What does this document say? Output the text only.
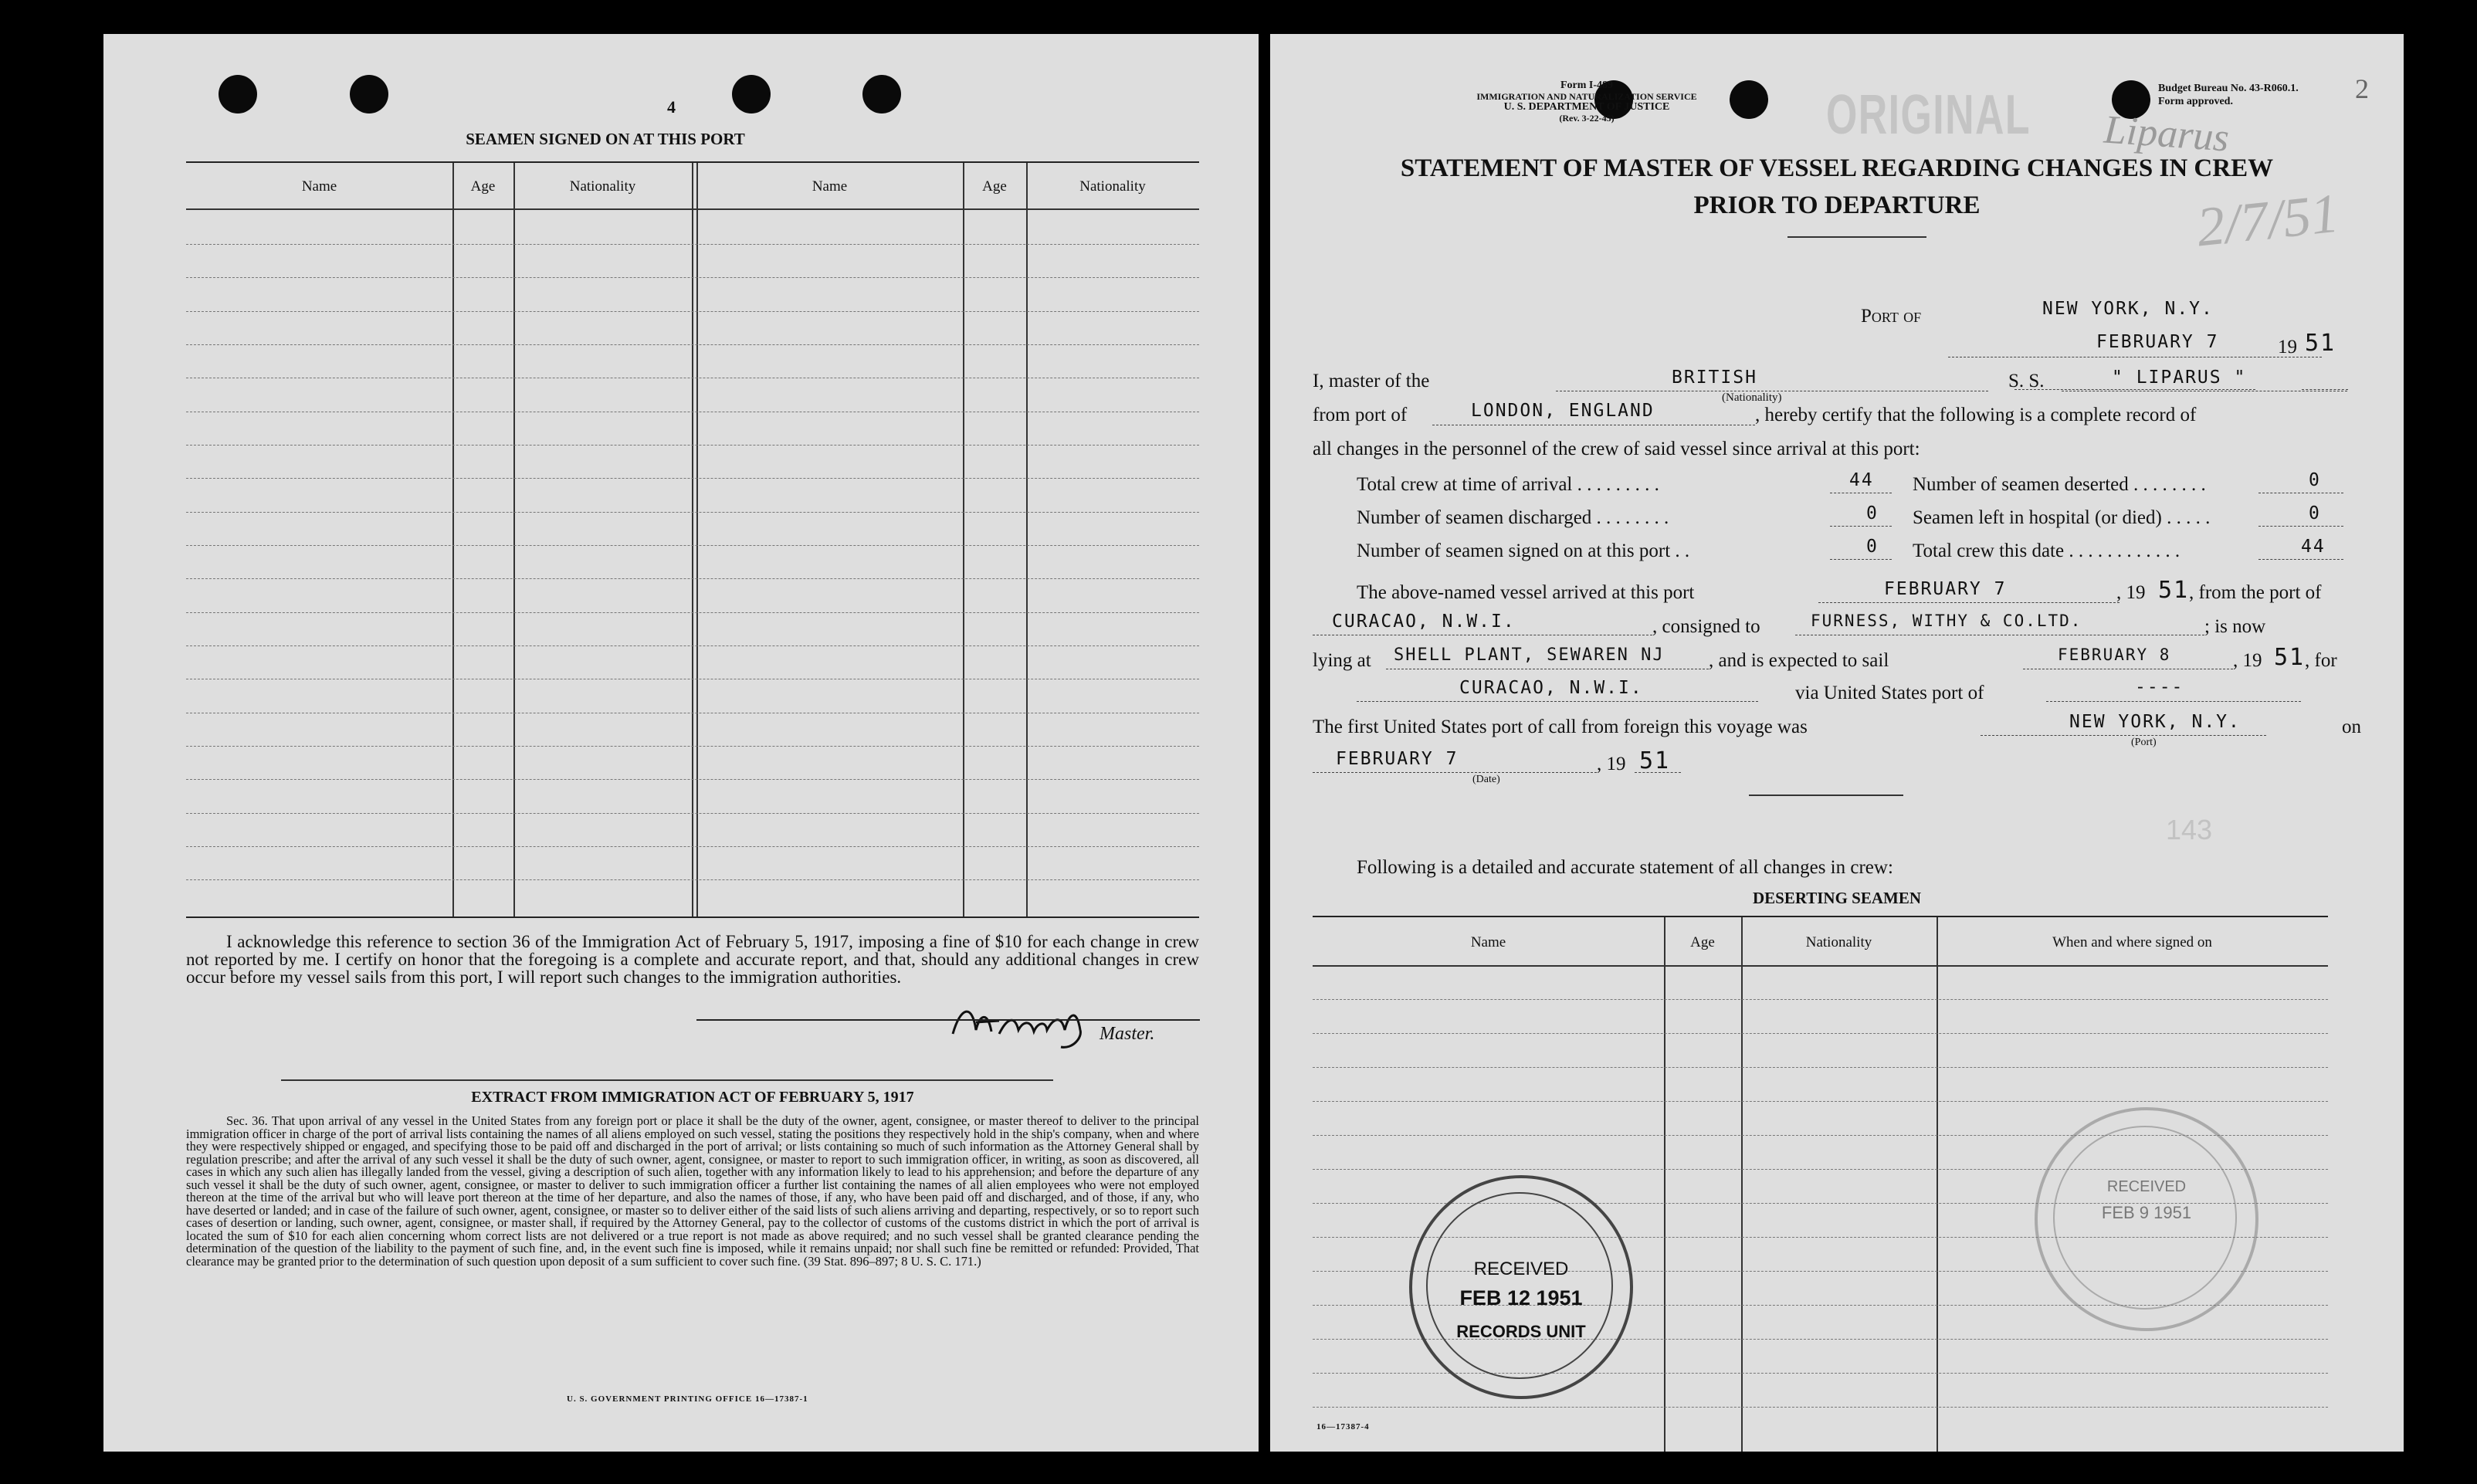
4
SEAMEN SIGNED ON AT THIS PORT
Name	Age	Nationality	Name	Age	Nationality
I acknowledge this reference to section 36 of the Immigration Act of February 5, 1917, imposing a fine of $10 for each change in crew not reported by me. I certify on honor that the foregoing is a complete and accurate report, and that, should any additional changes in crew occur before my vessel sails from this port, I will report such changes to the immigration authorities.
Master.
EXTRACT FROM IMMIGRATION ACT OF FEBRUARY 5, 1917
Sec. 36. That upon arrival of any vessel in the United States from any foreign port or place it shall be the duty of the owner, agent, consignee, or master thereof to deliver to the principal immigration officer in charge of the port of arrival lists containing the names of all aliens employed on such vessel, stating the positions they respectively hold in the ship's company, when and where they were respectively shipped or engaged, and specifying those to be paid off and discharged in the port of arrival; or lists containing so much of such information as the Attorney General shall by regulation prescribe; and after the arrival of any such vessel it shall be the duty of such owner, agent, consignee, or master to report to such immigration officer, in writing, as soon as discovered, all cases in which any such alien has illegally landed from the vessel, giving a description of such alien, together with any information likely to lead to his apprehension; and before the departure of any such vessel it shall be the duty of such owner, agent, consignee, or master to deliver to such immigration officer a further list containing the names of all alien employees who were not employed thereon at the time of the arrival but who will leave port thereon at the time of her departure, and also the names of those, if any, who have been paid off and discharged, and of those, if any, who have deserted or landed; and in case of the failure of such owner, agent, consignee, or master so to deliver either of the said lists of such aliens arriving and departing, respectively, or so to report such cases of desertion or landing, such owner, agent, consignee, or master shall, if required by the Attorney General, pay to the collector of customs of the customs district in which the port of arrival is located the sum of $10 for each alien concerning whom correct lists are not delivered or a true report is not made as above required; and no such vessel shall be granted clearance pending the determination of the question of the liability to the payment of such fine, and, in the event such fine is imposed, while it remains unpaid; nor shall such fine be remitted or refunded: Provided, That clearance may be granted prior to the determination of such question upon deposit of a sum sufficient to cover such fine. (39 Stat. 896–897; 8 U. S. C. 171.)
U. S. GOVERNMENT PRINTING OFFICE 16—17387-1
Form I-489
IMMIGRATION AND NATURALIZATION SERVICE
U. S. DEPARTMENT OF JUSTICE
(Rev. 3-22-45)	ORIGINAL	Budget Bureau No. 43-R060.1.
Form approved.	2
Liparus
2/7/51
STATEMENT OF MASTER OF VESSEL REGARDING CHANGES IN CREW
PRIOR TO DEPARTURE
Port of	NEW YORK, N.Y.
FEBRUARY 7	19 51
I, master of the	BRITISH
(Nationality)
S. S.	" LIPARUS "
from port of	LONDON, ENGLAND	, hereby certify that the following is a complete record of
all changes in the personnel of the crew of said vessel since arrival at this port:
Total crew at time of arrival . . . . . . . . .	44 Number of seamen deserted . . . . . . . .	0
Number of seamen discharged . . . . . . . .	0 Seamen left in hospital (or died) . . . . .	0
Number of seamen signed on at this port . .	0 Total crew this date . . . . . . . . . . . .	44
The above-named vessel arrived at this port	FEBRUARY 7	, 19 51 , from the port of
CURACAO, N.W.I.	, consigned to	FURNESS, WITHY & CO.LTD.	; is now
lying at SHELL PLANT, SEWAREN NJ , and is expected to sail	FEBRUARY 8	, 19 51 , for
CURACAO, N.W.I.	via United States port of	----
The first United States port of call from foreign this voyage was	NEW YORK, N.Y.
(Port)
on
FEBRUARY 7
(Date)
, 19 51
143
Following is a detailed and accurate statement of all changes in crew:
DESERTING SEAMEN
Name	Age	Nationality	When and where signed on
RECEIVED
FEB 12 1951
RECORDS UNIT
RECEIVED
FEB 9 1951
16—17387-4
